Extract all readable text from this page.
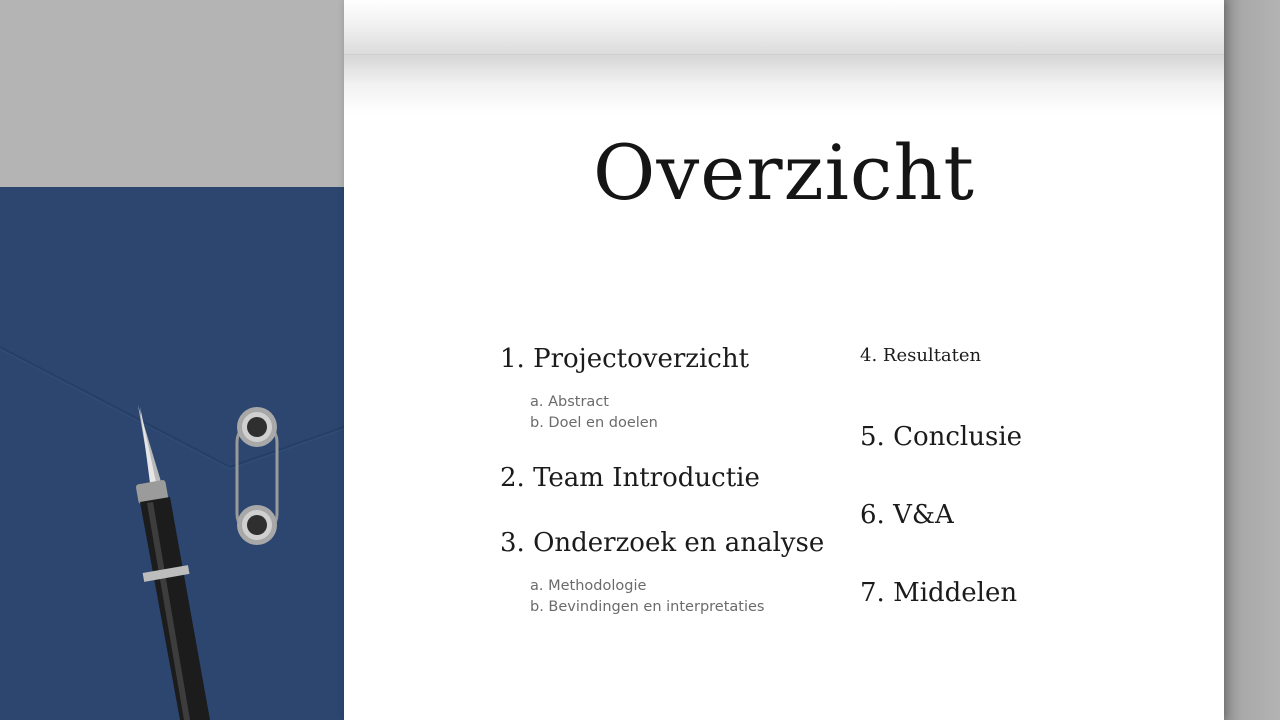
Overzicht
1. Projectoverzicht
a. Abstract
b. Doel en doelen
2. Team Introductie
3. Onderzoek en analyse
a. Methodologie
b. Bevindingen en interpretaties
4. Resultaten
5. Conclusie
6. V&A
7. Middelen
